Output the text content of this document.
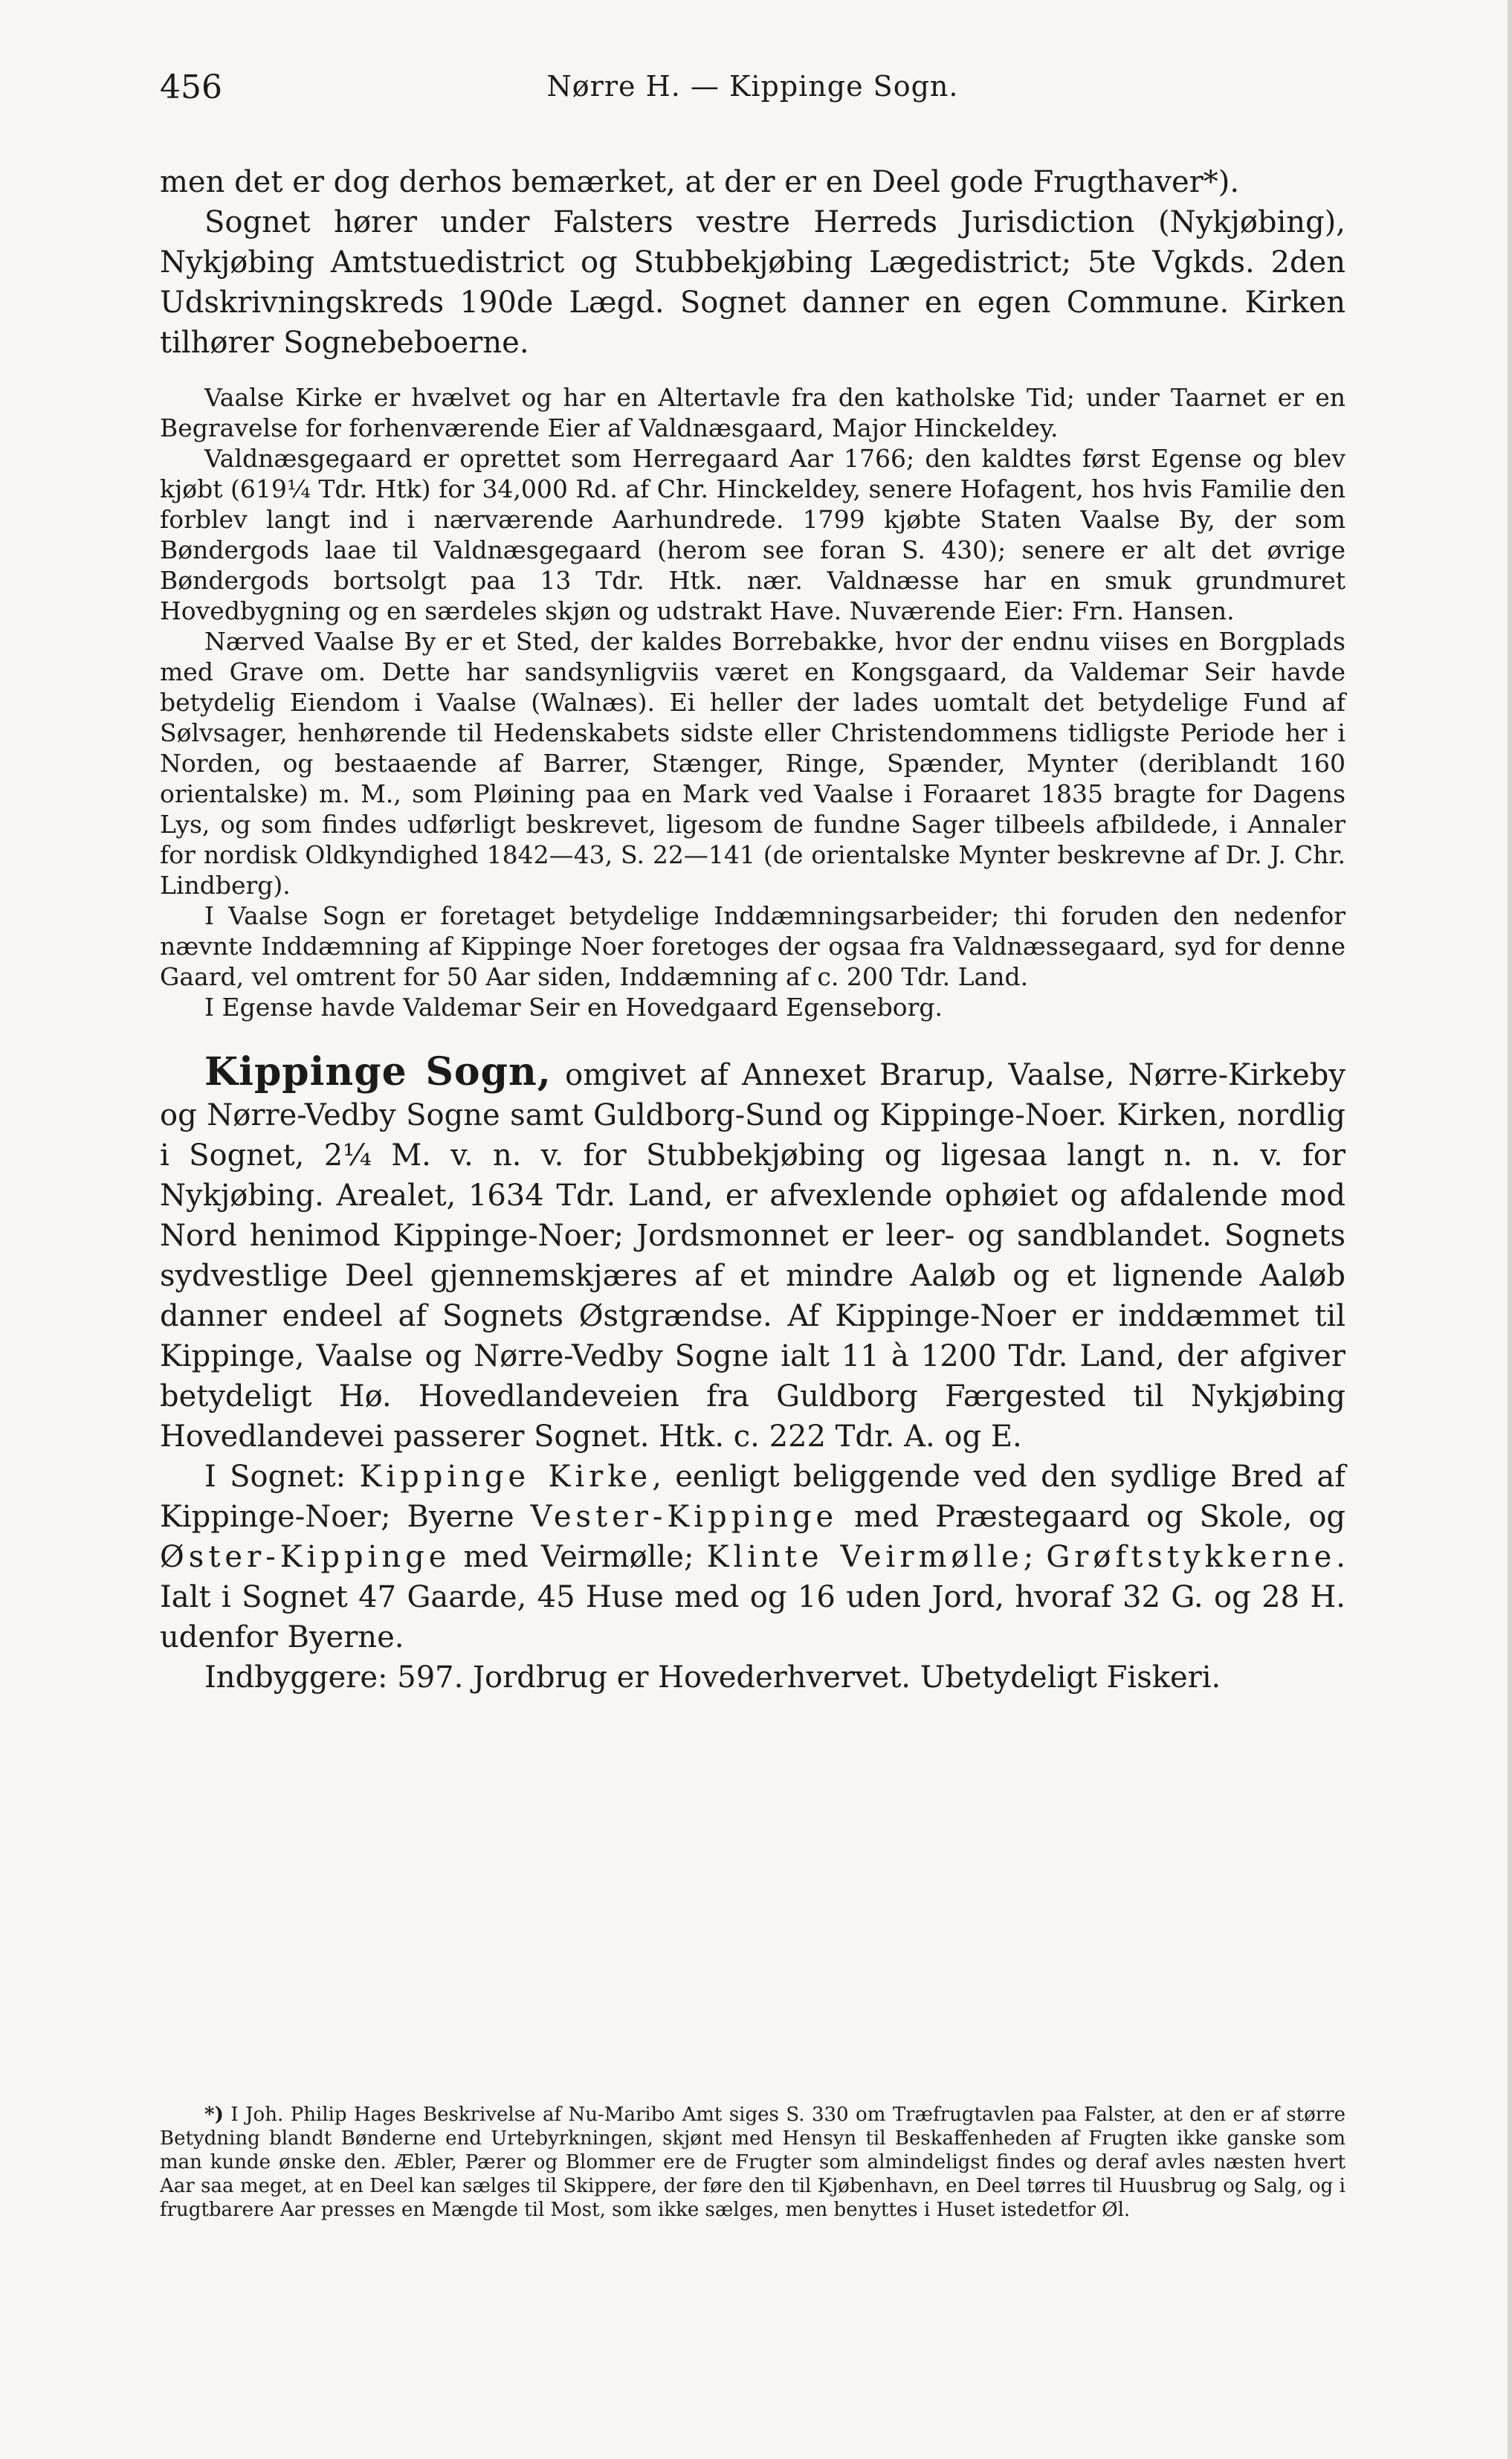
456	Nørre H. — Kippinge Sogn.

men det er dog derhos bemærket, at der er en Deel gode Frugthaver*).

Sognet hører under Falsters vestre Herreds Jurisdiction (Nykjøbing), Nykjøbing Amtstuedistrict og Stubbekjøbing Lægedistrict; 5te Vgkds. 2den Udskrivningskreds 190de Lægd. Sognet danner en egen Commune. Kirken tilhører Sognebeboerne.

Vaalse Kirke er hvælvet og har en Altertavle fra den katholske Tid; under Taarnet er en Begravelse for forhenværende Eier af Valdnæsgaard, Major Hinckeldey.

Valdnæsgegaard er oprettet som Herregaard Aar 1766; den kaldtes først Egense og blev kjøbt (619¼ Tdr. Htk) for 34,000 Rd. af Chr. Hinckeldey, senere Hofagent, hos hvis Familie den forblev langt ind i nærværende Aarhundrede. 1799 kjøbte Staten Vaalse By, der som Bøndergods laae til Valdnæsgegaard (herom see foran S. 430); senere er alt det øvrige Bøndergods bortsolgt paa 13 Tdr. Htk. nær. Valdnæsse har en smuk grundmuret Hovedbygning og en særdeles skjøn og udstrakt Have. Nuværende Eier: Frn. Hansen.

Nærved Vaalse By er et Sted, der kaldes Borrebakke, hvor der endnu viises en Borgplads med Grave om. Dette har sandsynligviis været en Kongsgaard, da Valdemar Seir havde betydelig Eiendom i Vaalse (Walnæs). Ei heller der lades uomtalt det betydelige Fund af Sølvsager, henhørende til Hedenskabets sidste eller Christendommens tidligste Periode her i Norden, og bestaaende af Barrer, Stænger, Ringe, Spænder, Mynter (deriblandt 160 orientalske) m. M., som Pløining paa en Mark ved Vaalse i Foraaret 1835 bragte for Dagens Lys, og som findes udførligt beskrevet, ligesom de fundne Sager tilbeels afbildede, i Annaler for nordisk Oldkyndighed 1842—43, S. 22—141 (de orientalske Mynter beskrevne af Dr. J. Chr. Lindberg).

I Vaalse Sogn er foretaget betydelige Inddæmningsarbeider; thi foruden den nedenfor nævnte Inddæmning af Kippinge Noer foretoges der ogsaa fra Valdnæssegaard, syd for denne Gaard, vel omtrent for 50 Aar siden, Inddæmning af c. 200 Tdr. Land.

I Egense havde Valdemar Seir en Hovedgaard Egenseborg.

Kippinge Sogn, omgivet af Annexet Brarup, Vaalse, Nørre-Kirkeby og Nørre-Vedby Sogne samt Guldborg-Sund og Kippinge-Noer. Kirken, nordlig i Sognet, 2¼ M. v. n. v. for Stubbekjøbing og ligesaa langt n. n. v. for Nykjøbing. Arealet, 1634 Tdr. Land, er afvexlende ophøiet og afdalende mod Nord henimod Kippinge-Noer; Jordsmonnet er leer- og sandblandet. Sognets sydvestlige Deel gjennemskjæres af et mindre Aaløb og et lignende Aaløb danner endeel af Sognets Østgrændse. Af Kippinge-Noer er inddæmmet til Kippinge, Vaalse og Nørre-Vedby Sogne ialt 11 à 1200 Tdr. Land, der afgiver betydeligt Hø. Hovedlandeveien fra Guldborg Færgested til Nykjøbing Hovedlandevei passerer Sognet. Htk. c. 222 Tdr. A. og E.

I Sognet: Kippinge Kirke, eenligt beliggende ved den sydlige Bred af Kippinge-Noer; Byerne Vester-Kippinge med Præstegaard og Skole, og Øster-Kippinge med Veirmølle; Klinte Veirmølle; Grøftstykkerne. Ialt i Sognet 47 Gaarde, 45 Huse med og 16 uden Jord, hvoraf 32 G. og 28 H. udenfor Byerne.

Indbyggere: 597. Jordbrug er Hovederhvervet. Ubetydeligt Fiskeri.

*) I Joh. Philip Hages Beskrivelse af Nu-Maribo Amt siges S. 330 om Træfrugtavlen paa Falster, at den er af større Betydning blandt Bønderne end Urtebyrkningen, skjønt med Hensyn til Beskaffenheden af Frugten ikke ganske som man kunde ønske den. Æbler, Pærer og Blommer ere de Frugter som almindeligst findes og deraf avles næsten hvert Aar saa meget, at en Deel kan sælges til Skippere, der føre den til Kjøbenhavn, en Deel tørres til Huusbrug og Salg, og i frugtbarere Aar presses en Mængde til Most, som ikke sælges, men benyttes i Huset istedetfor Øl.
